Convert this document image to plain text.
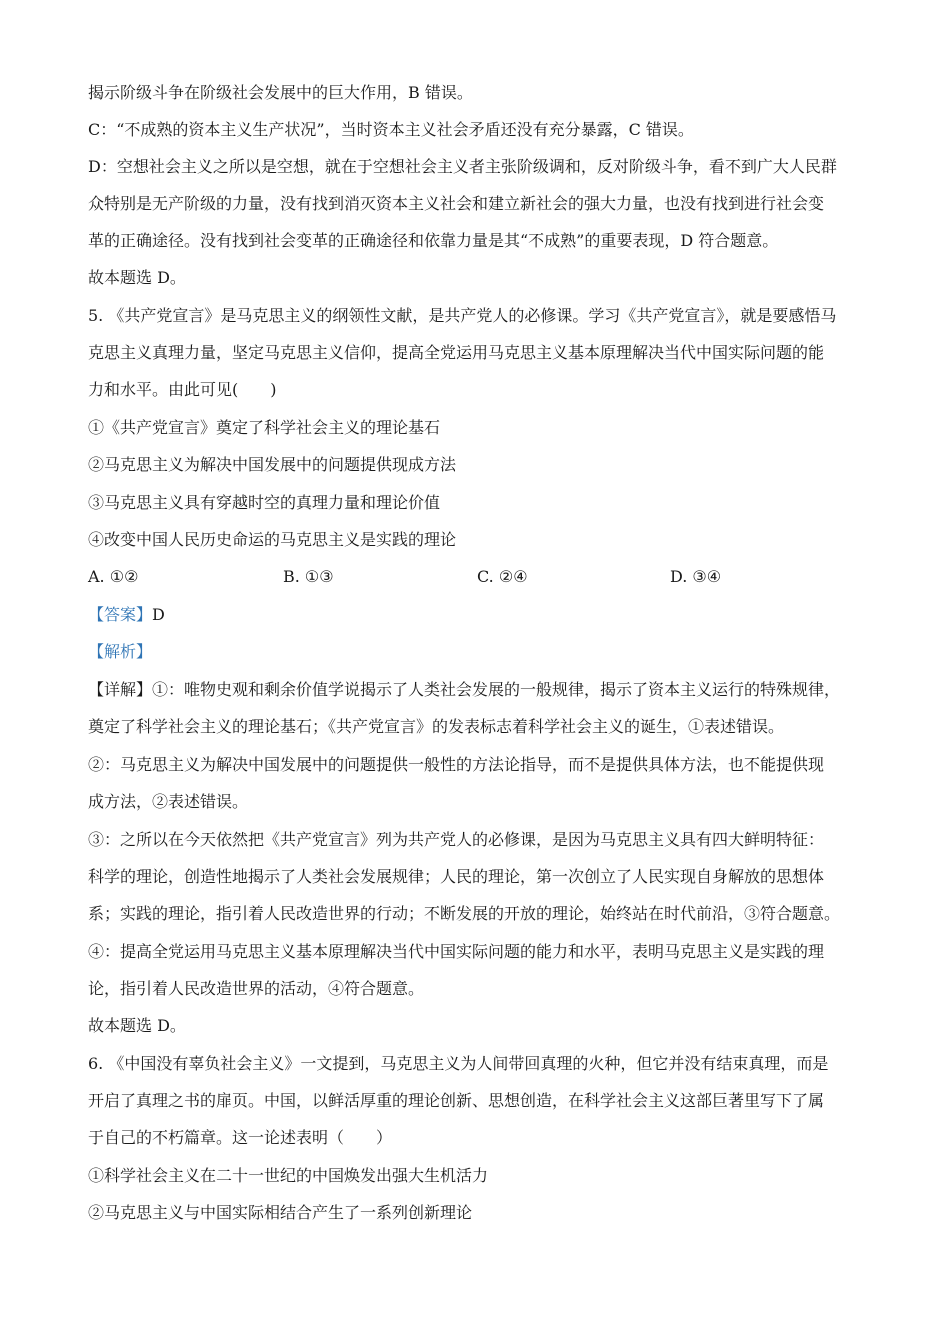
揭示阶级斗争在阶级社会发展中的巨大作用，B 错误。
C：“不成熟的资本主义生产状况”，当时资本主义社会矛盾还没有充分暴露，C 错误。
D：空想社会主义之所以是空想，就在于空想社会主义者主张阶级调和，反对阶级斗争，看不到广大人民群
众特别是无产阶级的力量，没有找到消灭资本主义社会和建立新社会的强大力量，也没有找到进行社会变
革的正确途径。没有找到社会变革的正确途径和依靠力量是其“不成熟”的重要表现，D 符合题意。
故本题选 D。
5. 《共产党宣言》是马克思主义的纲领性文献，是共产党人的必修课。学习《共产党宣言》，就是要感悟马
克思主义真理力量，坚定马克思主义信仰，提高全党运用马克思主义基本原理解决当代中国实际问题的能
力和水平。由此可见(　　)
①《共产党宣言》奠定了科学社会主义的理论基石
②马克思主义为解决中国发展中的问题提供现成方法
③马克思主义具有穿越时空的真理力量和理论价值
④改变中国人民历史命运的马克思主义是实践的理论
A. ①②	B. ①③	C. ②④	D. ③④
【答案】D
【解析】
【详解】①：唯物史观和剩余价值学说揭示了人类社会发展的一般规律，揭示了资本主义运行的特殊规律，
奠定了科学社会主义的理论基石；《共产党宣言》的发表标志着科学社会主义的诞生，①表述错误。
②：马克思主义为解决中国发展中的问题提供一般性的方法论指导，而不是提供具体方法，也不能提供现
成方法，②表述错误。
③：之所以在今天依然把《共产党宣言》列为共产党人的必修课，是因为马克思主义具有四大鲜明特征：
科学的理论，创造性地揭示了人类社会发展规律；人民的理论，第一次创立了人民实现自身解放的思想体
系；实践的理论，指引着人民改造世界的行动；不断发展的开放的理论，始终站在时代前沿，③符合题意。
④：提高全党运用马克思主义基本原理解决当代中国实际问题的能力和水平，表明马克思主义是实践的理
论，指引着人民改造世界的活动，④符合题意。
故本题选 D。
6. 《中国没有辜负社会主义》一文提到，马克思主义为人间带回真理的火种，但它并没有结束真理，而是
开启了真理之书的扉页。中国，以鲜活厚重的理论创新、思想创造，在科学社会主义这部巨著里写下了属
于自己的不朽篇章。这一论述表明（　　）
①科学社会主义在二十一世纪的中国焕发出强大生机活力
②马克思主义与中国实际相结合产生了一系列创新理论
